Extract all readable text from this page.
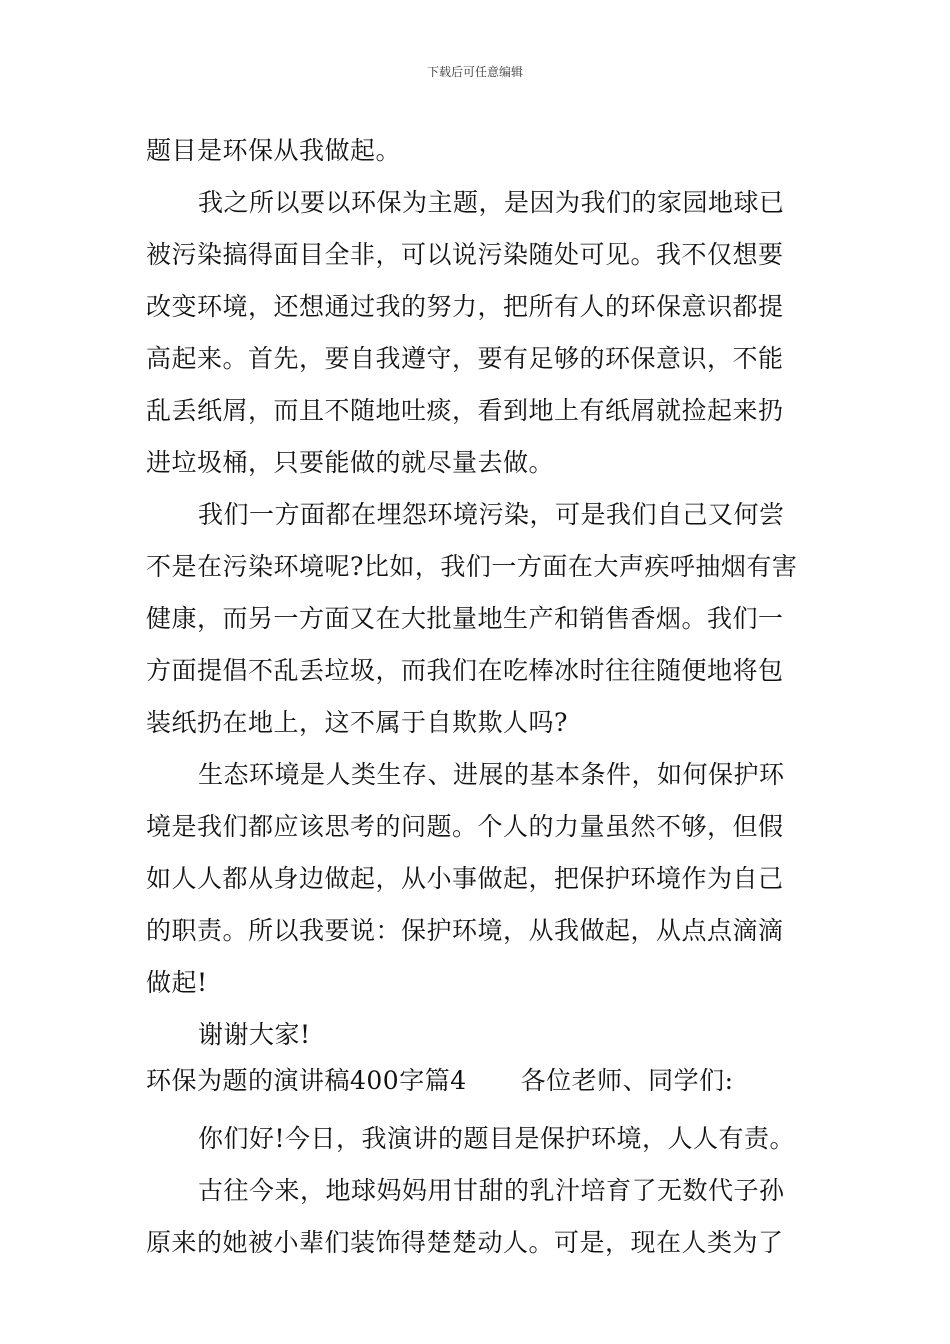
下载后可任意编辑
题目是环保从我做起。
我之所以要以环保为主题，是因为我们的家园地球已
被污染搞得面目全非，可以说污染随处可见。我不仅想要
改变环境，还想通过我的努力，把所有人的环保意识都提
高起来。首先，要自我遵守，要有足够的环保意识，不能
乱丢纸屑，而且不随地吐痰，看到地上有纸屑就捡起来扔
进垃圾桶，只要能做的就尽量去做。
我们一方面都在埋怨环境污染，可是我们自己又何尝
不是在污染环境呢?比如，我们一方面在大声疾呼抽烟有害
健康，而另一方面又在大批量地生产和销售香烟。我们一
方面提倡不乱丢垃圾，而我们在吃棒冰时往往随便地将包
装纸扔在地上，这不属于自欺欺人吗?
生态环境是人类生存、进展的基本条件，如何保护环
境是我们都应该思考的问题。个人的力量虽然不够，但假
如人人都从身边做起，从小事做起，把保护环境作为自己
的职责。所以我要说：保护环境，从我做起，从点点滴滴
做起!
谢谢大家!
环保为题的演讲稿400字篇4 各位老师、同学们:
你们好!今日，我演讲的题目是保护环境，人人有责。
古往今来，地球妈妈用甘甜的乳汁培育了无数代子孙
原来的她被小辈们装饰得楚楚动人。可是，现在人类为了
